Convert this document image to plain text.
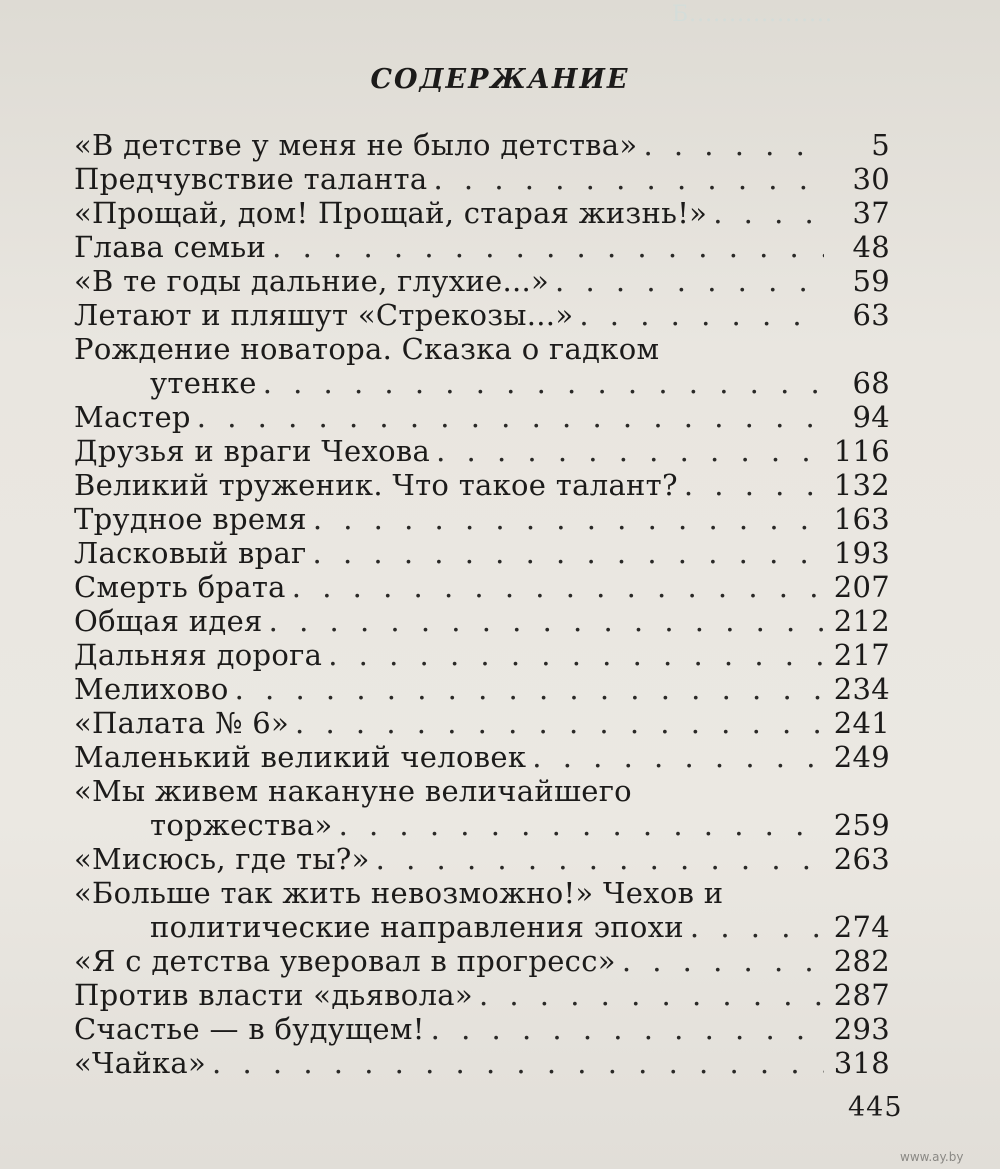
Б..................
СОДЕРЖАНИЕ
«В детстве у меня не было детства» . . .	5
Предчувствие таланта . . .	30
«Прощай, дом! Прощай, старая жизнь!» . . .	37
Глава семьи . . .	48
«В те годы дальние, глухие...» . . .	59
Летают и пляшут «Стрекозы...» . . .	63
Рождение новатора. Сказка о гадком
утенке . . .	68
Мастер . . .	94
Друзья и враги Чехова . . .	116
Великий труженик. Что такое талант? . . .	132
Трудное время . . .	163
Ласковый враг . . .	193
Смерть брата . . .	207
Общая идея . . .	212
Дальняя дорога . . .	217
Мелихово . . .	234
«Палата № 6» . . .	241
Маленький великий человек . . .	249
«Мы живем накануне величайшего
торжества» . . .	259
«Мисюсь, где ты?» . . .	263
«Больше так жить невозможно!» Чехов и
политические направления эпохи . . .	274
«Я с детства уверовал в прогресс» . . .	282
Против власти «дьявола» . . .	287
Счастье — в будущем! . . .	293
«Чайка» . . .	318
445
www.ay.by
